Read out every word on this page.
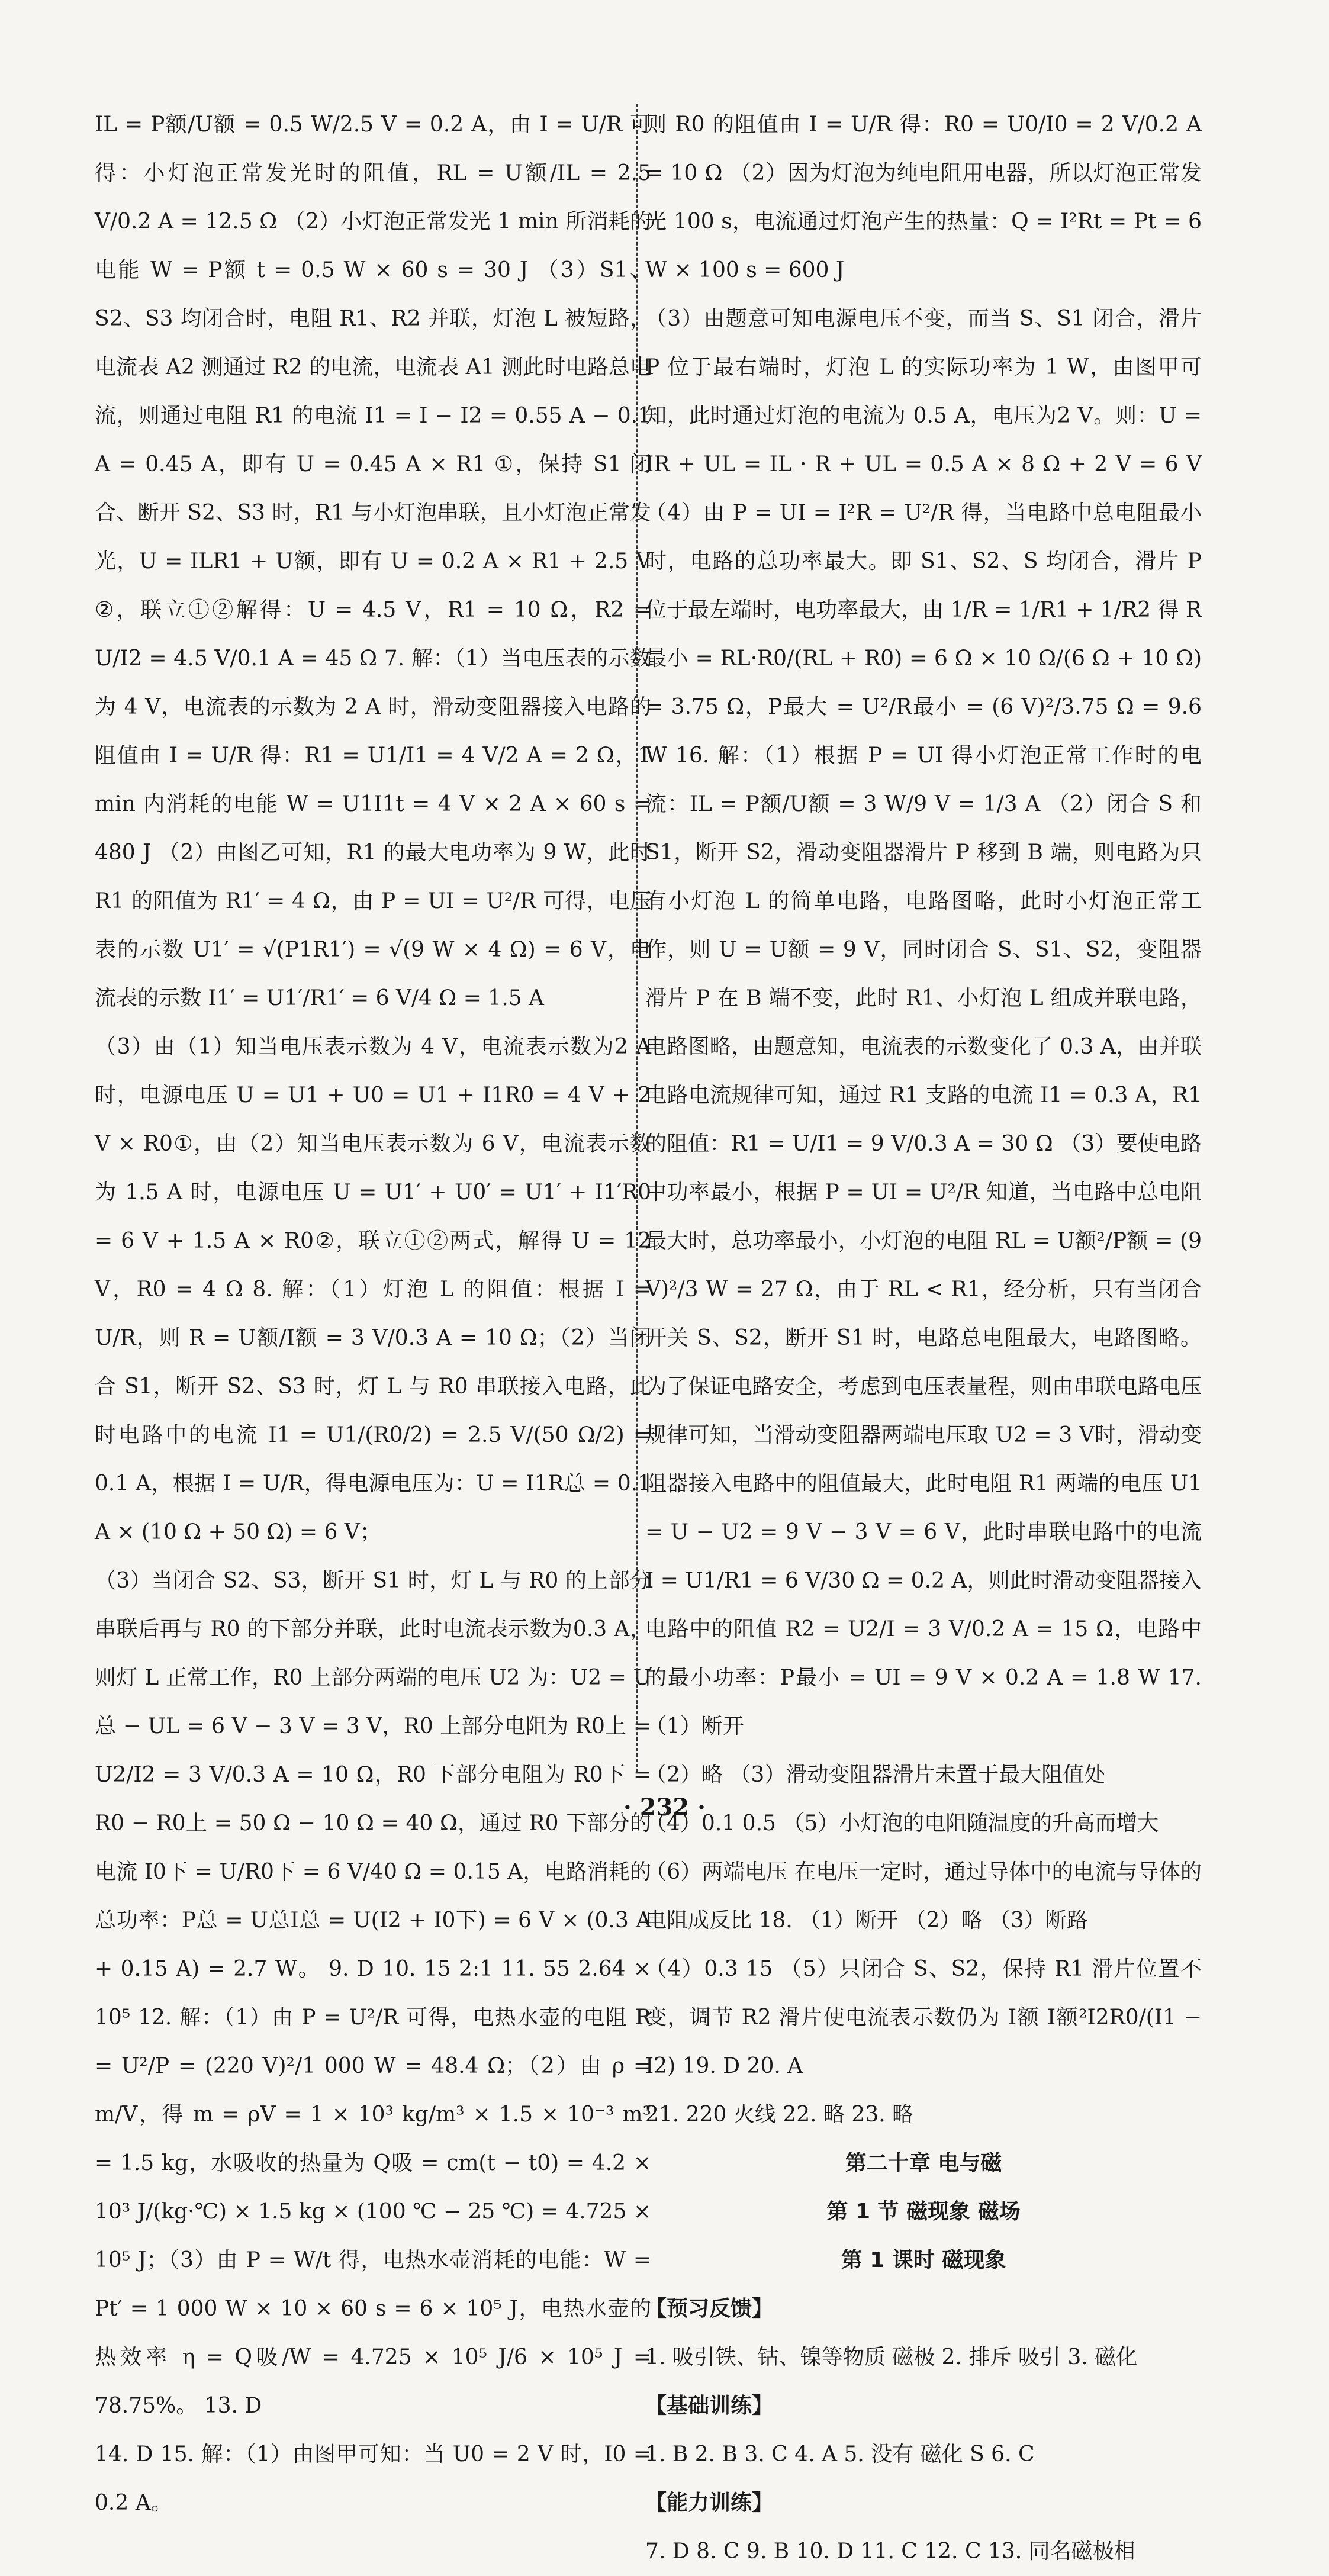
IL = P额/U额 = 0.5 W/2.5 V = 0.2 A，由 I = U/R 可得：小灯泡正常发光时的阻值，RL = U额/IL = 2.5 V/0.2 A = 12.5 Ω （2）小灯泡正常发光 1 min 所消耗的电能 W = P额 t = 0.5 W × 60 s = 30 J （3）S1、S2、S3 均闭合时，电阻 R1、R2 并联，灯泡 L 被短路，电流表 A2 测通过 R2 的电流，电流表 A1 测此时电路总电流，则通过电阻 R1 的电流 I1 = I − I2 = 0.55 A − 0.1 A = 0.45 A，即有 U = 0.45 A × R1 ①，保持 S1 闭合、断开 S2、S3 时，R1 与小灯泡串联，且小灯泡正常发光，U = ILR1 + U额，即有 U = 0.2 A × R1 + 2.5 V ②，联立①②解得：U = 4.5 V，R1 = 10 Ω，R2 = U/I2 = 4.5 V/0.1 A = 45 Ω 7. 解：（1）当电压表的示数为 4 V，电流表的示数为 2 A 时，滑动变阻器接入电路的阻值由 I = U/R 得：R1 = U1/I1 = 4 V/2 A = 2 Ω，1 min 内消耗的电能 W = U1I1t = 4 V × 2 A × 60 s = 480 J （2）由图乙可知，R1 的最大电功率为 9 W，此时 R1 的阻值为 R1′ = 4 Ω，由 P = UI = U²/R 可得，电压表的示数 U1′ = √(P1R1′) = √(9 W × 4 Ω) = 6 V，电流表的示数 I1′ = U1′/R1′ = 6 V/4 Ω = 1.5 A

（3）由（1）知当电压表示数为 4 V，电流表示数为2 A时，电源电压 U = U1 + U0 = U1 + I1R0 = 4 V + 2 V × R0①，由（2）知当电压表示数为 6 V，电流表示数为 1.5 A 时，电源电压 U = U1′ + U0′ = U1′ + I1′R0 = 6 V + 1.5 A × R0②，联立①②两式，解得 U = 12 V，R0 = 4 Ω 8. 解：（1）灯泡 L 的阻值：根据 I = U/R，则 R = U额/I额 = 3 V/0.3 A = 10 Ω；（2）当闭合 S1，断开 S2、S3 时，灯 L 与 R0 串联接入电路，此时电路中的电流 I1 = U1/(R0/2) = 2.5 V/(50 Ω/2) = 0.1 A，根据 I = U/R，得电源电压为：U = I1R总 = 0.1 A × (10 Ω + 50 Ω) = 6 V；

（3）当闭合 S2、S3，断开 S1 时，灯 L 与 R0 的上部分串联后再与 R0 的下部分并联，此时电流表示数为0.3 A，则灯 L 正常工作，R0 上部分两端的电压 U2 为：U2 = U总 − UL = 6 V − 3 V = 3 V，R0 上部分电阻为 R0上 = U2/I2 = 3 V/0.3 A = 10 Ω，R0 下部分电阻为 R0下 = R0 − R0上 = 50 Ω − 10 Ω = 40 Ω，通过 R0 下部分的电流 I0下 = U/R0下 = 6 V/40 Ω = 0.15 A，电路消耗的总功率：P总 = U总I总 = U(I2 + I0下) = 6 V × (0.3 A + 0.15 A) = 2.7 W。 9. D 10. 15 2:1 11. 55 2.64 × 10⁵ 12. 解：（1）由 P = U²/R 可得，电热水壶的电阻 R = U²/P = (220 V)²/1 000 W = 48.4 Ω；（2）由 ρ = m/V，得 m = ρV = 1 × 10³ kg/m³ × 1.5 × 10⁻³ m³ = 1.5 kg，水吸收的热量为 Q吸 = cm(t − t0) = 4.2 × 10³ J/(kg·℃) × 1.5 kg × (100 ℃ − 25 ℃) = 4.725 × 10⁵ J；（3）由 P = W/t 得，电热水壶消耗的电能：W = Pt′ = 1 000 W × 10 × 60 s = 6 × 10⁵ J，电热水壶的热效率 η = Q吸/W = 4.725 × 10⁵ J/6 × 10⁵ J = 78.75%。 13. D

14. D 15. 解：（1）由图甲可知：当 U0 = 2 V 时，I0 = 0.2 A。

则 R0 的阻值由 I = U/R 得：R0 = U0/I0 = 2 V/0.2 A = 10 Ω （2）因为灯泡为纯电阻用电器，所以灯泡正常发光 100 s，电流通过灯泡产生的热量：Q = I²Rt = Pt = 6 W × 100 s = 600 J

（3）由题意可知电源电压不变，而当 S、S1 闭合，滑片 P 位于最右端时，灯泡 L 的实际功率为 1 W，由图甲可知，此时通过灯泡的电流为 0.5 A，电压为2 V。则：U = IR + UL = IL · R + UL = 0.5 A × 8 Ω + 2 V = 6 V （4）由 P = UI = I²R = U²/R 得，当电路中总电阻最小时，电路的总功率最大。即 S1、S2、S 均闭合，滑片 P 位于最左端时，电功率最大，由 1/R = 1/R1 + 1/R2 得 R最小 = RL·R0/(RL + R0) = 6 Ω × 10 Ω/(6 Ω + 10 Ω) = 3.75 Ω，P最大 = U²/R最小 = (6 V)²/3.75 Ω = 9.6 W 16. 解：（1）根据 P = UI 得小灯泡正常工作时的电流：IL = P额/U额 = 3 W/9 V = 1/3 A （2）闭合 S 和 S1，断开 S2，滑动变阻器滑片 P 移到 B 端，则电路为只有小灯泡 L 的简单电路，电路图略，此时小灯泡正常工作，则 U = U额 = 9 V，同时闭合 S、S1、S2，变阻器滑片 P 在 B 端不变，此时 R1、小灯泡 L 组成并联电路，电路图略，由题意知，电流表的示数变化了 0.3 A，由并联电路电流规律可知，通过 R1 支路的电流 I1 = 0.3 A，R1 的阻值：R1 = U/I1 = 9 V/0.3 A = 30 Ω （3）要使电路中功率最小，根据 P = UI = U²/R 知道，当电路中总电阻最大时，总功率最小，小灯泡的电阻 RL = U额²/P额 = (9 V)²/3 W = 27 Ω，由于 RL < R1，经分析，只有当闭合开关 S、S2，断开 S1 时，电路总电阻最大，电路图略。为了保证电路安全，考虑到电压表量程，则由串联电路电压规律可知，当滑动变阻器两端电压取 U2 = 3 V时，滑动变阻器接入电路中的阻值最大，此时电阻 R1 两端的电压 U1 = U − U2 = 9 V − 3 V = 6 V，此时串联电路中的电流 I = U1/R1 = 6 V/30 Ω = 0.2 A，则此时滑动变阻器接入电路中的阻值 R2 = U2/I = 3 V/0.2 A = 15 Ω，电路中的最小功率：P最小 = UI = 9 V × 0.2 A = 1.8 W 17. （1）断开

（2）略 （3）滑动变阻器滑片未置于最大阻值处

（4）0.1 0.5 （5）小灯泡的电阻随温度的升高而增大

（6）两端电压 在电压一定时，通过导体中的电流与导体的电阻成反比 18. （1）断开 （2）略 （3）断路

（4）0.3 15 （5）只闭合 S、S2，保持 R1 滑片位置不变，调节 R2 滑片使电流表示数仍为 I额 I额²I2R0/(I1 − I2) 19. D 20. A

21. 220 火线 22. 略 23. 略

第二十章 电与磁

第 1 节 磁现象 磁场

第 1 课时 磁现象

【预习反馈】

1. 吸引铁、钴、镍等物质 磁极 2. 排斥 吸引 3. 磁化

【基础训练】

1. B 2. B 3. C 4. A 5. 没有 磁化 S 6. C

【能力训练】

7. D 8. C 9. B 10. D 11. C 12. C 13. 同名磁极相

· 232 ·
